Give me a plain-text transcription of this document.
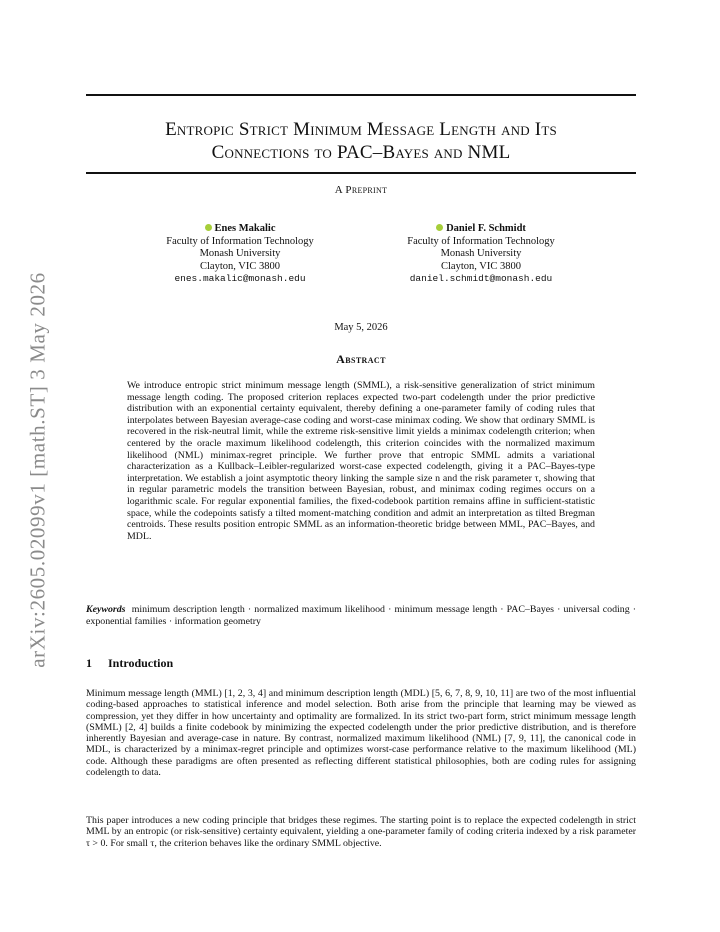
arXiv:2605.02099v1 [math.ST] 3 May 2026
Entropic Strict Minimum Message Length and Its
Connections to PAC–Bayes and NML
A Preprint
Enes Makalic
Faculty of Information Technology
Monash University
Clayton, VIC 3800
enes.makalic@monash.edu
Daniel F. Schmidt
Faculty of Information Technology
Monash University
Clayton, VIC 3800
daniel.schmidt@monash.edu
May 5, 2026
Abstract

We introduce entropic strict minimum message length (SMML), a risk-sensitive generalization of strict minimum message length coding. The proposed criterion replaces expected two-part codelength under the prior predictive distribution with an exponential certainty equivalent, thereby defining a one-parameter family of coding rules that interpolates between Bayesian average-case coding and worst-case minimax coding. We show that ordinary SMML is recovered in the risk-neutral limit, while the extreme risk-sensitive limit yields a minimax codelength criterion; when centered by the oracle maximum likelihood codelength, this criterion coincides with the normalized maximum likelihood (NML) minimax-regret principle. We further prove that entropic SMML admits a variational characterization as a Kullback–Leibler-regularized worst-case expected codelength, giving it a PAC–Bayes-type interpretation. We establish a joint asymptotic theory linking the sample size n and the risk parameter τ, showing that in regular parametric models the transition between Bayesian, robust, and minimax coding regimes occurs on a logarithmic scale. For regular exponential families, the fixed-codebook partition remains affine in sufficient-statistic space, while the codepoints satisfy a tilted moment-matching condition and admit an interpretation as tilted Bregman centroids. These results position entropic SMML as an information-theoretic bridge between MML, PAC–Bayes, and MDL.

Keywords minimum description length · normalized maximum likelihood · minimum message length · PAC–Bayes · universal coding · exponential families · information geometry

1 Introduction

Minimum message length (MML) [1, 2, 3, 4] and minimum description length (MDL) [5, 6, 7, 8, 9, 10, 11] are two of the most influential coding-based approaches to statistical inference and model selection. Both arise from the principle that learning may be viewed as compression, yet they differ in how uncertainty and optimality are formalized. In its strict two-part form, strict minimum message length (SMML) [2, 4] builds a finite codebook by minimizing the expected codelength under the prior predictive distribution, and is therefore inherently Bayesian and average-case in nature. By contrast, normalized maximum likelihood (NML) [7, 9, 11], the canonical code in MDL, is characterized by a minimax-regret principle and optimizes worst-case performance relative to the maximum likelihood (ML) code. Although these paradigms are often presented as reflecting different statistical philosophies, both are coding rules for assigning codelength to data.

This paper introduces a new coding principle that bridges these regimes. The starting point is to replace the expected codelength in strict MML by an entropic (or risk-sensitive) certainty equivalent, yielding a one-parameter family of coding criteria indexed by a risk parameter τ > 0. For small τ, the criterion behaves like the ordinary SMML objective.
